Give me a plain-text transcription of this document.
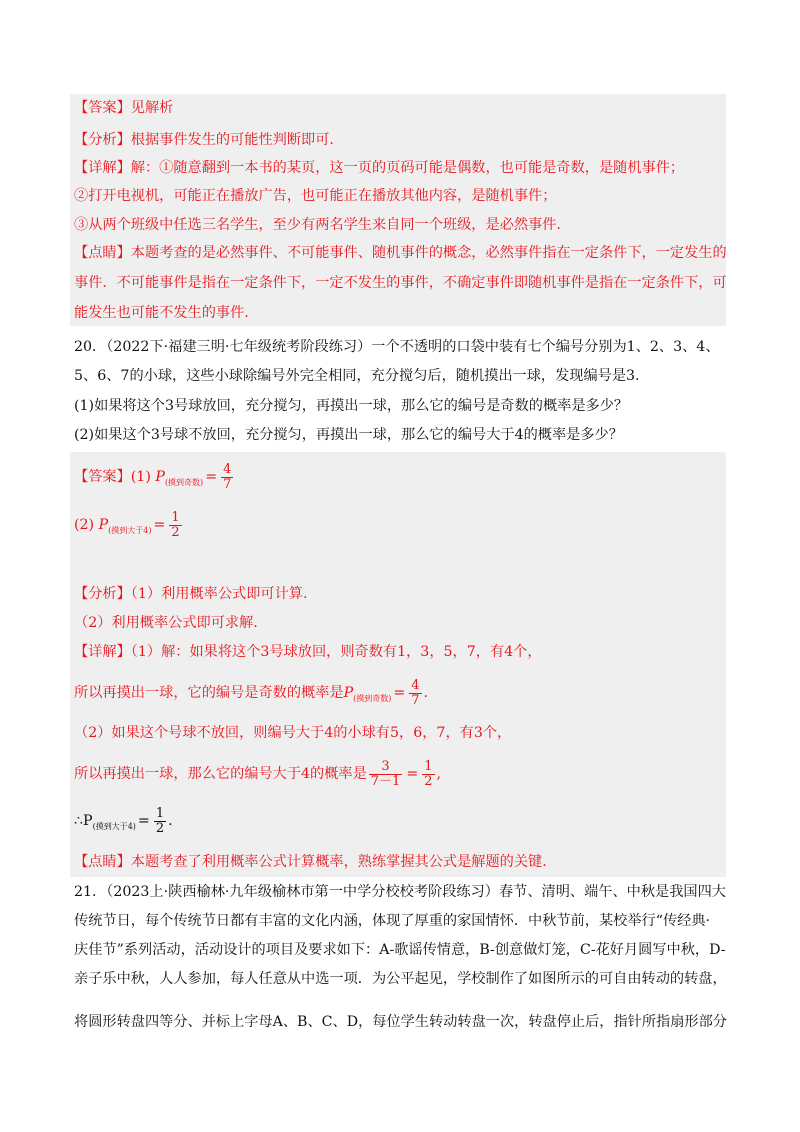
【答案】见解析
【分析】根据事件发生的可能性判断即可.
【详解】解：①随意翻到一本书的某页，这一页的页码可能是偶数，也可能是奇数，是随机事件；
②打开电视机，可能正在播放广告，也可能正在播放其他内容，是随机事件；
③从两个班级中任选三名学生，至少有两名学生来自同一个班级，是必然事件.
【点睛】本题考查的是必然事件、不可能事件、随机事件的概念，必然事件指在一定条件下，一定发生的
事件．不可能事件是指在一定条件下，一定不发生的事件，不确定事件即随机事件是指在一定条件下，可
能发生也可能不发生的事件.
20．（2022下·福建三明·七年级统考阶段练习）一个不透明的口袋中装有七个编号分别为1、2、3、4、
5、6、7的小球，这些小球除编号外完全相同，充分搅匀后，随机摸出一球，发现编号是3.
(1)如果将这个3号球放回，充分搅匀，再摸出一球，那么它的编号是奇数的概率是多少？
(2)如果这个3号球不放回，充分搅匀，再摸出一球，那么它的编号大于4的概率是多少？
【答案】(1) $P_{(摸到奇数)} = \frac{4}{7}$
(2) $P_{(摸到大于4)} = \frac{1}{2}$
【分析】（1）利用概率公式即可计算.
（2）利用概率公式即可求解.
【详解】（1）解：如果将这个3号球放回，则奇数有1，3，5，7，有4个，
所以再摸出一球，它的编号是奇数的概率是$P_{(摸到奇数)} = \frac{4}{7}$ .
（2）如果这个号球不放回，则编号大于4的小球有5，6，7，有3个，
所以再摸出一球，那么它的编号大于4的概率是 $\frac{3}{7-1} = \frac{1}{2}$ ,
$\therefore P_{(摸到大于4)} = \frac{1}{2}$ .
【点睛】本题考查了利用概率公式计算概率，熟练掌握其公式是解题的关键.
21．（2023上·陕西榆林·九年级榆林市第一中学分校校考阶段练习）春节、清明、端午、中秋是我国四大
传统节日，每个传统节日都有丰富的文化内涵，体现了厚重的家国情怀．中秋节前，某校举行“传经典·
庆佳节”系列活动，活动设计的项目及要求如下：A-歌谣传情意，B-创意做灯笼，C-花好月圆写中秋，D-
亲子乐中秋，人人参加，每人任意从中选一项．为公平起见，学校制作了如图所示的可自由转动的转盘，
将圆形转盘四等分、并标上字母A、B、C、D，每位学生转动转盘一次，转盘停止后，指针所指扇形部分
